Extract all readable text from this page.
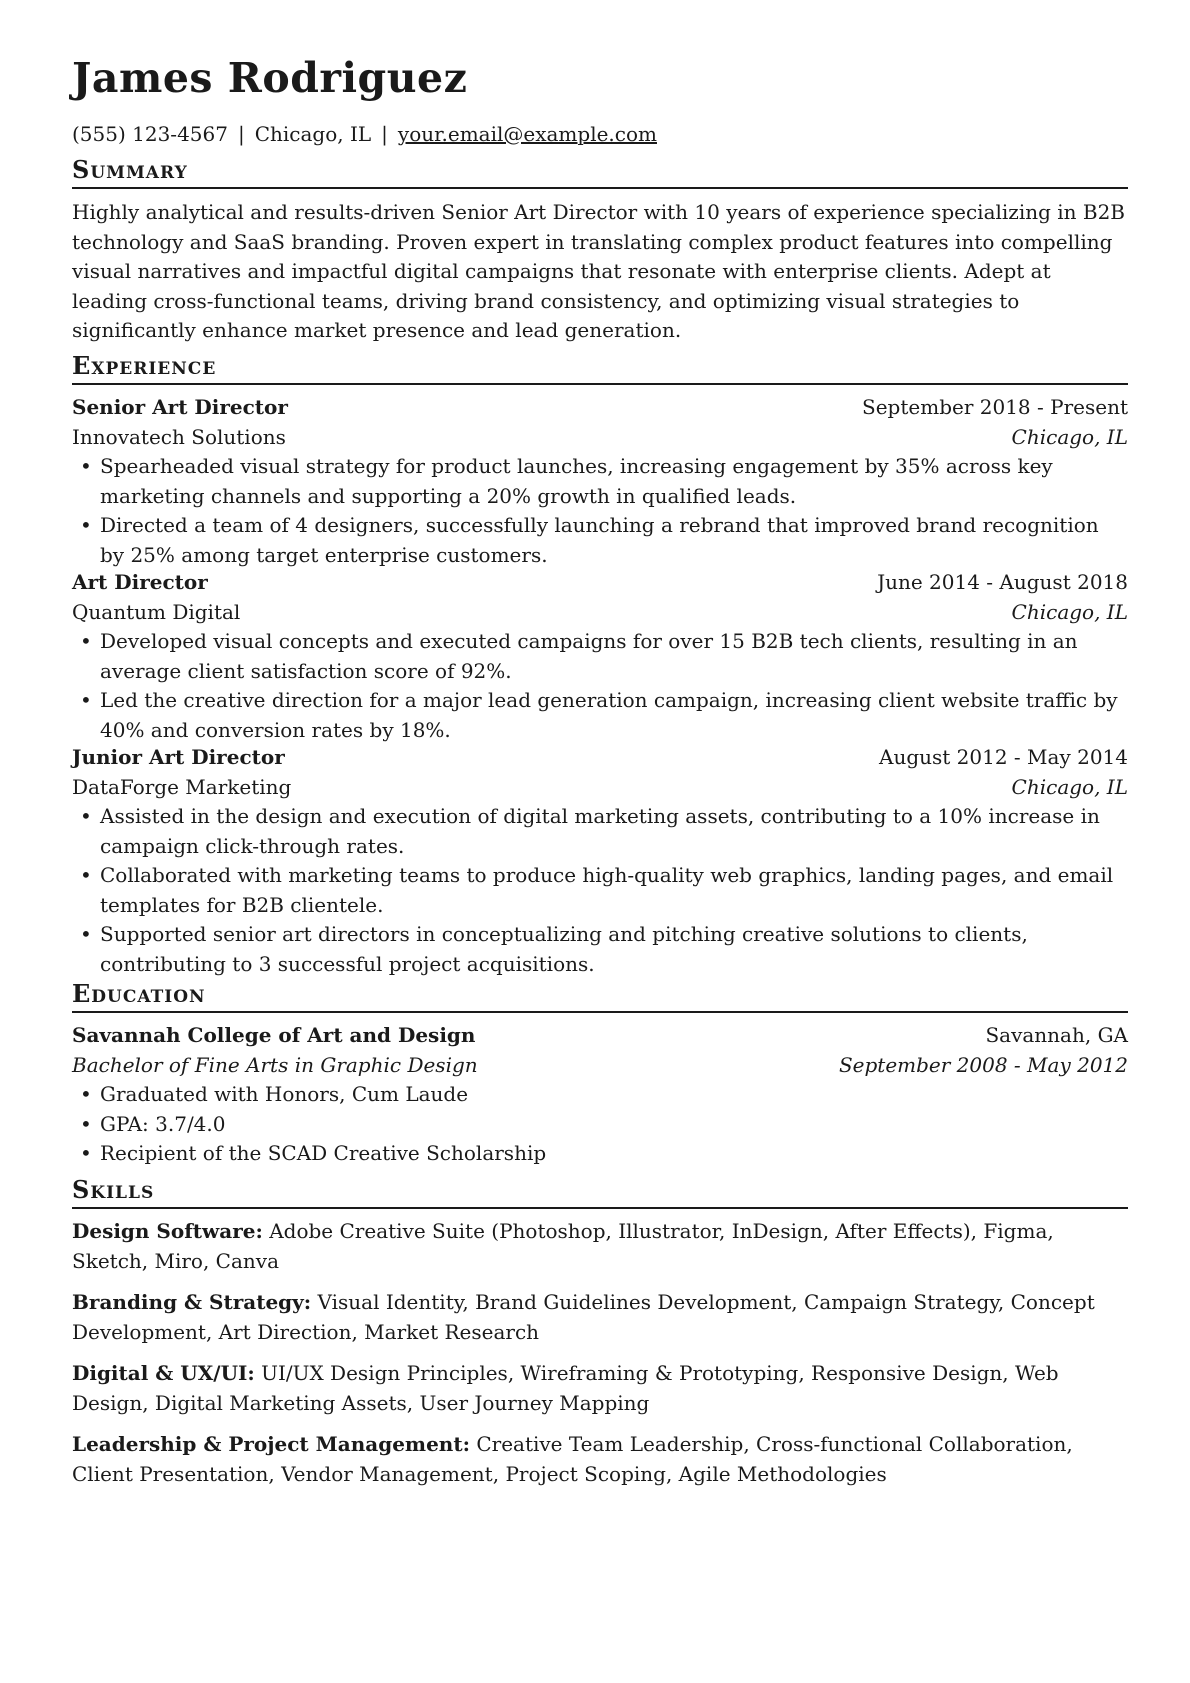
James Rodriguez
(555) 123-4567 | Chicago, IL | your.email@example.com
Summary

Highly analytical and results-driven Senior Art Director with 10 years of experience specializing in B2B technology and SaaS branding. Proven expert in translating complex product features into compelling visual narratives and impactful digital campaigns that resonate with enterprise clients. Adept at leading cross-functional teams, driving brand consistency, and optimizing visual strategies to significantly enhance market presence and lead generation.

Experience
Senior Art Director	September 2018 - Present
Innovatech Solutions	Chicago, IL
• Spearheaded visual strategy for product launches, increasing engagement by 35% across key marketing channels and supporting a 20% growth in qualified leads.
• Directed a team of 4 designers, successfully launching a rebrand that improved brand recognition by 25% among target enterprise customers.
Art Director	June 2014 - August 2018
Quantum Digital	Chicago, IL
• Developed visual concepts and executed campaigns for over 15 B2B tech clients, resulting in an average client satisfaction score of 92%.
• Led the creative direction for a major lead generation campaign, increasing client website traffic by 40% and conversion rates by 18%.
Junior Art Director	August 2012 - May 2014
DataForge Marketing	Chicago, IL
• Assisted in the design and execution of digital marketing assets, contributing to a 10% increase in campaign click-through rates.
• Collaborated with marketing teams to produce high-quality web graphics, landing pages, and email templates for B2B clientele.
• Supported senior art directors in conceptualizing and pitching creative solutions to clients, contributing to 3 successful project acquisitions.
Education
Savannah College of Art and Design	Savannah, GA
Bachelor of Fine Arts in Graphic Design	September 2008 - May 2012
• Graduated with Honors, Cum Laude
• GPA: 3.7/4.0
• Recipient of the SCAD Creative Scholarship
Skills

Design Software: Adobe Creative Suite (Photoshop, Illustrator, InDesign, After Effects), Figma, Sketch, Miro, Canva

Branding & Strategy: Visual Identity, Brand Guidelines Development, Campaign Strategy, Concept Development, Art Direction, Market Research

Digital & UX/UI: UI/UX Design Principles, Wireframing & Prototyping, Responsive Design, Web Design, Digital Marketing Assets, User Journey Mapping

Leadership & Project Management: Creative Team Leadership, Cross-functional Collaboration, Client Presentation, Vendor Management, Project Scoping, Agile Methodologies
